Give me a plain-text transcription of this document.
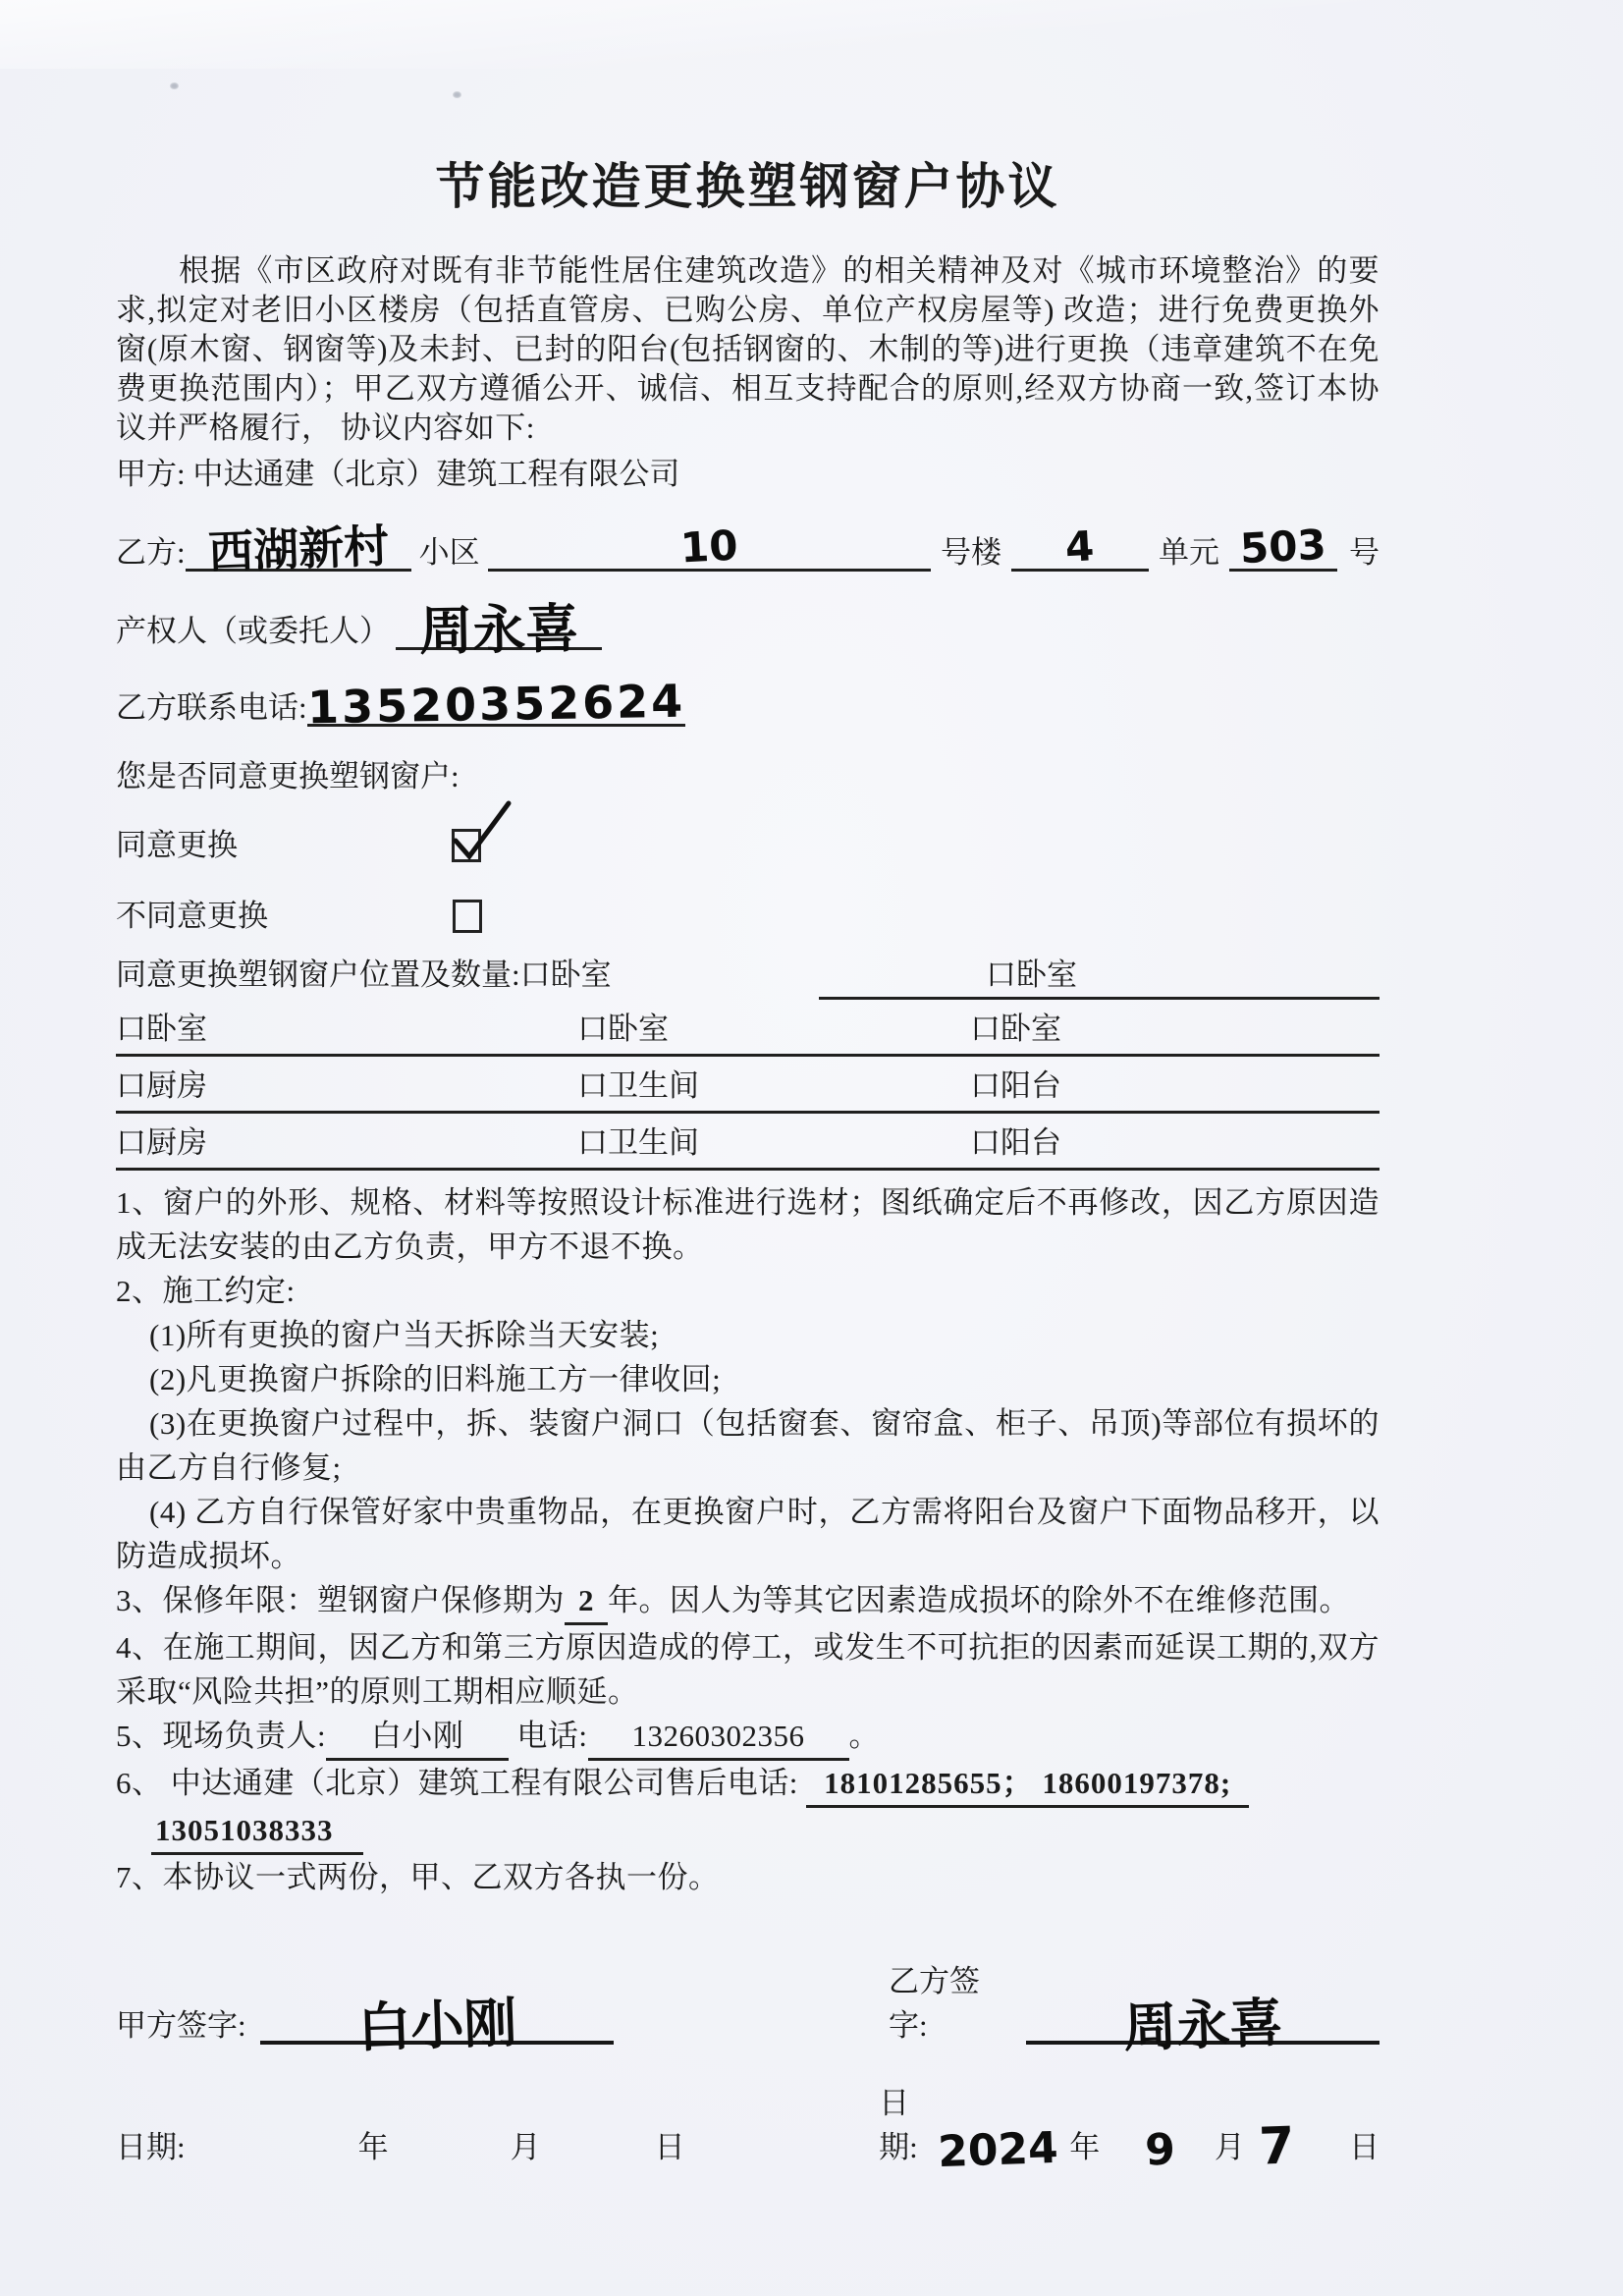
节能改造更换塑钢窗户协议

根据《市区政府对既有非节能性居住建筑改造》的相关精神及对《城市环境整治》的要求,拟定对老旧小区楼房（包括直管房、已购公房、单位产权房屋等) 改造；进行免费更换外窗(原木窗、钢窗等)及未封、已封的阳台(包括钢窗的、木制的等)进行更换（违章建筑不在免费更换范围内）；甲乙双方遵循公开、诚信、相互支持配合的原则,经双方协商一致,签订本协议并严格履行， 协议内容如下:

甲方: 中达通建（北京）建筑工程有限公司

乙方: 西湖新村 小区	10	号楼	4	单元 503 号
产权人（或委托人） 周永喜
乙方联系电话: 13520352624

您是否同意更换塑钢窗户:

同意更换
不同意更换
同意更换塑钢窗户位置及数量:口卧室	口卧室
口卧室	口卧室	口卧室
口厨房	口卫生间	口阳台
口厨房	口卫生间	口阳台

1、窗户的外形、规格、材料等按照设计标准进行选材；图纸确定后不再修改，因乙方原因造成无法安装的由乙方负责，甲方不退不换。

2、施工约定:

(1)所有更换的窗户当天拆除当天安装;

(2)凡更换窗户拆除的旧料施工方一律收回;

(3)在更换窗户过程中，拆、装窗户洞口（包括窗套、窗帘盒、柜子、吊顶)等部位有损坏的由乙方自行修复;

(4) 乙方自行保管好家中贵重物品，在更换窗户时，乙方需将阳台及窗户下面物品移开，以防造成损坏。

3、保修年限：塑钢窗户保修期为 2 年。因人为等其它因素造成损坏的除外不在维修范围。

4、在施工期间，因乙方和第三方原因造成的停工，或发生不可抗拒的因素而延误工期的,双方采取“风险共担”的原则工期相应顺延。

5、现场负责人: 白小刚 电话: 13260302356 。

6、 中达通建（北京）建筑工程有限公司售后电话: 18101285655； 18600197378;

13051038333

7、本协议一式两份，甲、乙双方各执一份。

甲方签字:	白小刚
乙方签字:	周永喜
日期:	年	月	日
日期: 2024 年 9 月 7 日
